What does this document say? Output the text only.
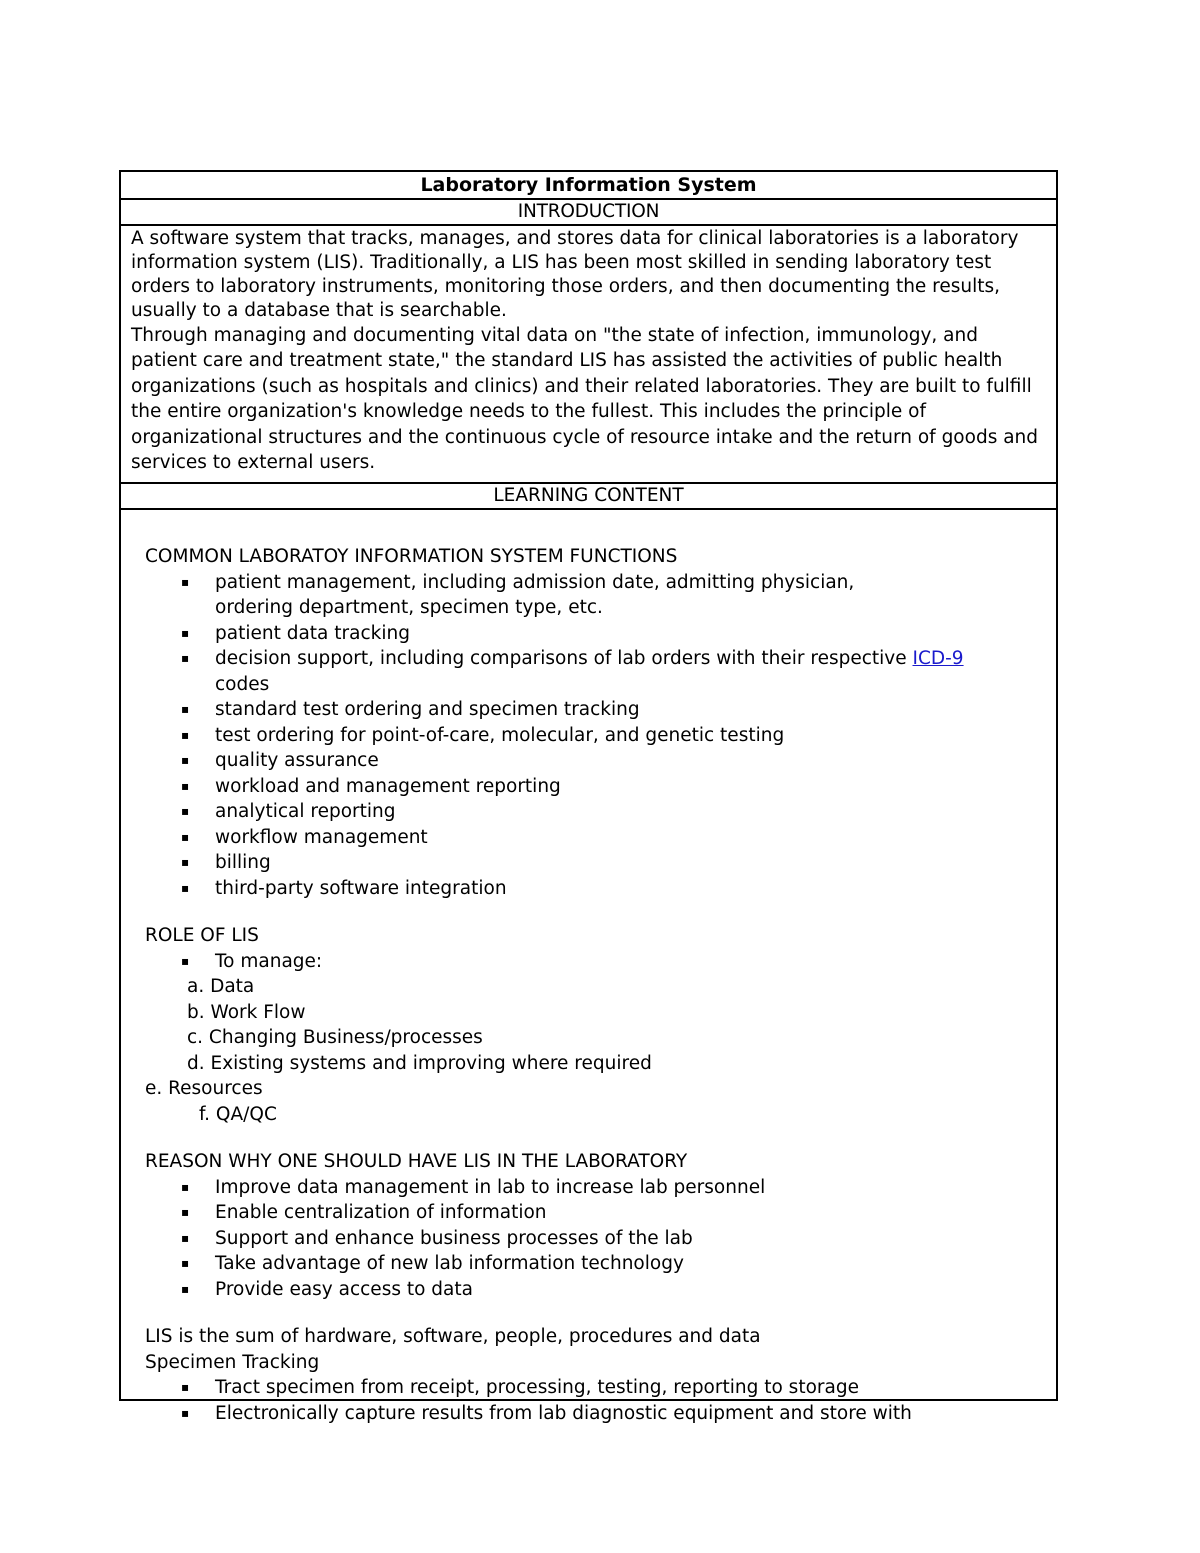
Laboratory Information System
INTRODUCTION

A software system that tracks, manages, and stores data for clinical laboratories is a laboratory information system (LIS). Traditionally, a LIS has been most skilled in sending laboratory test orders to laboratory instruments, monitoring those orders, and then documenting the results, usually to a database that is searchable.

Through managing and documenting vital data on "the state of infection, immunology, and patient care and treatment state," the standard LIS has assisted the activities of public health organizations (such as hospitals and clinics) and their related laboratories. They are built to fulfill the entire organization's knowledge needs to the fullest. This includes the principle of organizational structures and the continuous cycle of resource intake and the return of goods and services to external users.

LEARNING CONTENT

COMMON LABORATOY INFORMATION SYSTEM FUNCTIONS

▪ patient management, including admission date, admitting physician, ordering department, specimen type, etc.
▪ patient data tracking
▪ decision support, including comparisons of lab orders with their respective ICD-9
codes
▪ standard test ordering and specimen tracking
▪ test ordering for point-of-care, molecular, and genetic testing
▪ quality assurance
▪ workload and management reporting
▪ analytical reporting
▪ workflow management
▪ billing
▪ third-party software integration

ROLE OF LIS

▪ To manage:

a. Data

b. Work Flow

c. Changing Business/processes

d. Existing systems and improving where required

e. Resources

f. QA/QC

REASON WHY ONE SHOULD HAVE LIS IN THE LABORATORY

▪ Improve data management in lab to increase lab personnel
▪ Enable centralization of information
▪ Support and enhance business processes of the lab
▪ Take advantage of new lab information technology
▪ Provide easy access to data

LIS is the sum of hardware, software, people, procedures and data

Specimen Tracking

▪ Tract specimen from receipt, processing, testing, reporting to storage
▪ Electronically capture results from lab diagnostic equipment and store with
